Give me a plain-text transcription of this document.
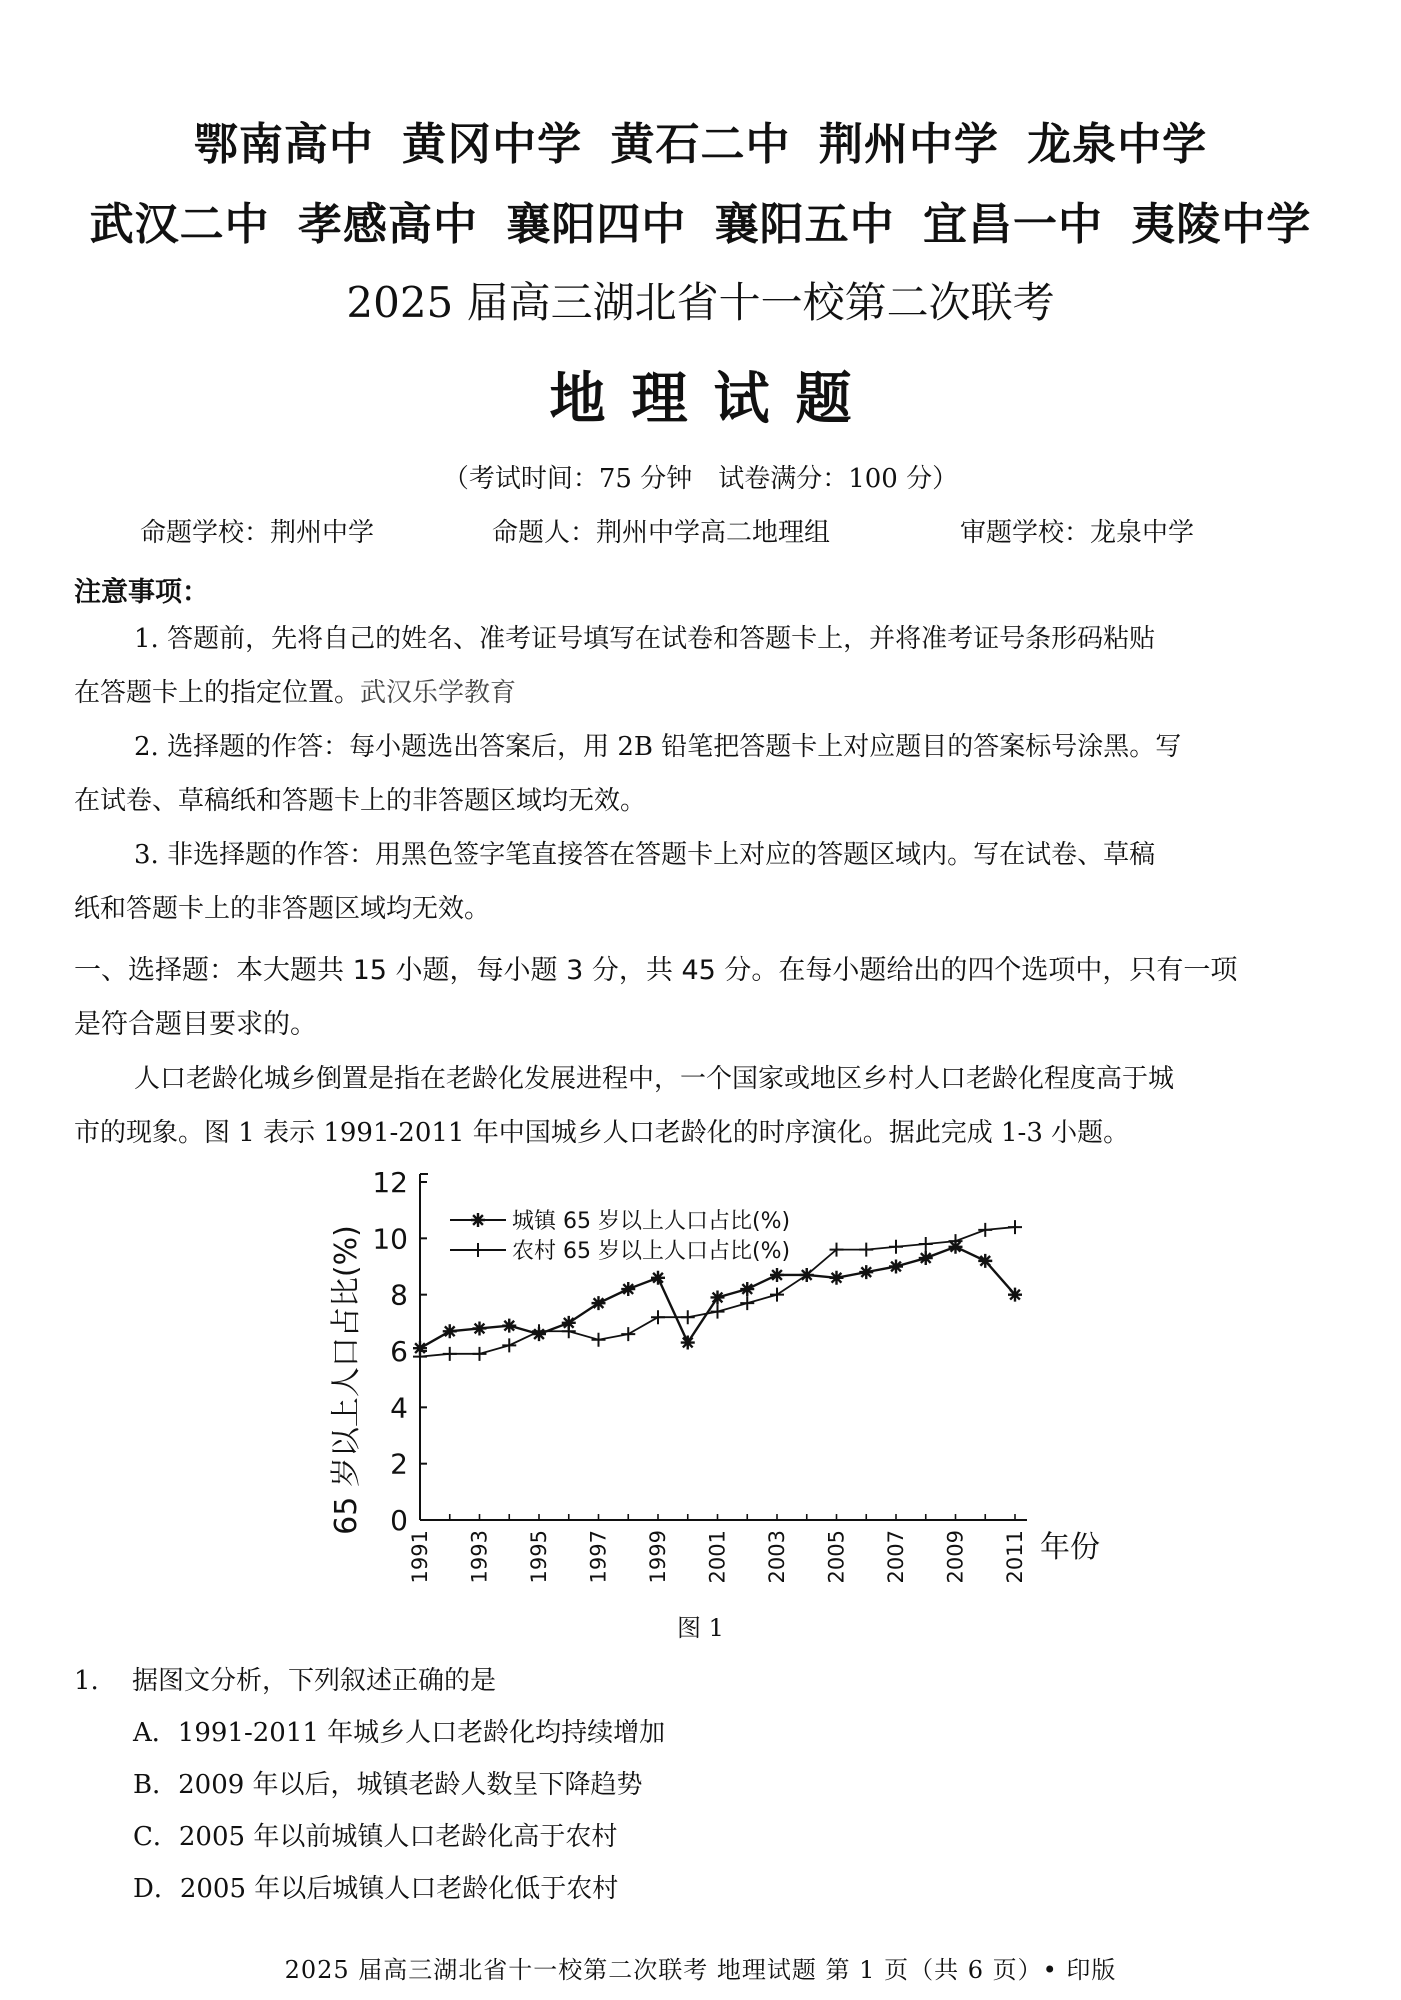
鄂南高中 黄冈中学 黄石二中 荆州中学 龙泉中学
武汉二中 孝感高中 襄阳四中 襄阳五中 宜昌一中 夷陵中学
2025 届高三湖北省十一校第二次联考
地理试题
（考试时间：75 分钟　试卷满分：100 分）
命题学校：荆州中学	命题人：荆州中学高二地理组	审题学校：龙泉中学
注意事项：
1. 答题前，先将自己的姓名、准考证号填写在试卷和答题卡上，并将准考证号条形码粘贴
在答题卡上的指定位置。武汉乐学教育
2. 选择题的作答：每小题选出答案后，用 2B 铅笔把答题卡上对应题目的答案标号涂黑。写
在试卷、草稿纸和答题卡上的非答题区域均无效。
3. 非选择题的作答：用黑色签字笔直接答在答题卡上对应的答题区域内。写在试卷、草稿
纸和答题卡上的非答题区域均无效。
一、选择题：本大题共 15 小题，每小题 3 分，共 45 分。在每小题给出的四个选项中，只有一项
是符合题目要求的。
人口老龄化城乡倒置是指在老龄化发展进程中，一个国家或地区乡村人口老龄化程度高于城
市的现象。图 1 表示 1991-2011 年中国城乡人口老龄化的时序演化。据此完成 1-3 小题。
65 岁以上人口占比(%)
年份
0
2
4
6
8
10
12
1991 1993 1995 1997 1999 2001 2003 2005 2007 2009 2011
城镇 65 岁以上人口占比(%)
农村 65 岁以上人口占比(%)
图 1
1. 据图文分析，下列叙述正确的是
A．1991-2011 年城乡人口老龄化均持续增加
B．2009 年以后，城镇老龄人数呈下降趋势
C．2005 年以前城镇人口老龄化高于农村
D．2005 年以后城镇人口老龄化低于农村
2025 届高三湖北省十一校第二次联考 地理试题 第 1 页（共 6 页）• 印版
